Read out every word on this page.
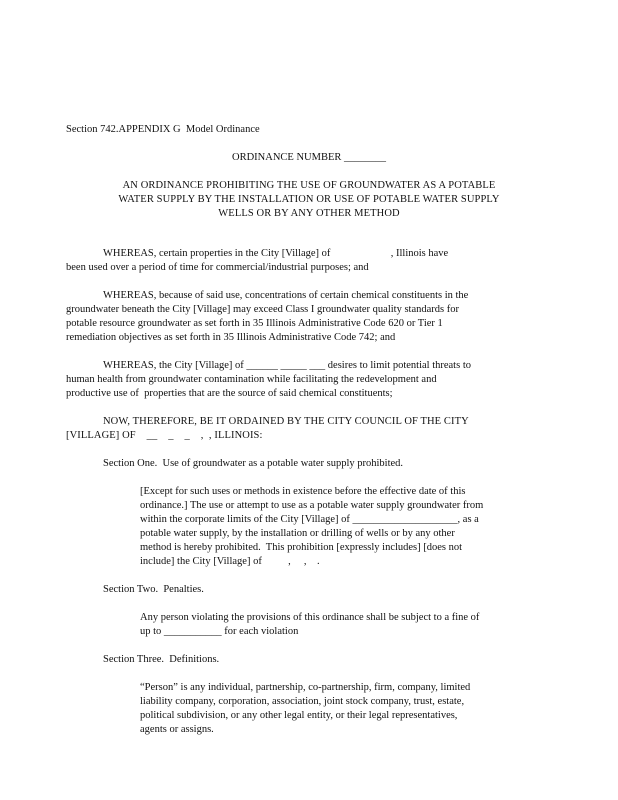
Section 742.APPENDIX G  Model Ordinance
ORDINANCE NUMBER ________
AN ORDINANCE PROHIBITING THE USE OF GROUNDWATER AS A POTABLE
WATER SUPPLY BY THE INSTALLATION OR USE OF POTABLE WATER SUPPLY
WELLS OR BY ANY OTHER METHOD
WHEREAS, certain properties in the City [Village] of                       , Illinois have
been used over a period of time for commercial/industrial purposes; and
WHEREAS, because of said use, concentrations of certain chemical constituents in the
groundwater beneath the City [Village] may exceed Class I groundwater quality standards for
potable resource groundwater as set forth in 35 Illinois Administrative Code 620 or Tier 1
remediation objectives as set forth in 35 Illinois Administrative Code 742; and
WHEREAS, the City [Village] of ______ _____ ___ desires to limit potential threats to
human health from groundwater contamination while facilitating the redevelopment and
productive use of  properties that are the source of said chemical constituents;
NOW, THEREFORE, BE IT ORDAINED BY THE CITY COUNCIL OF THE CITY
[VILLAGE] OF    __    _    _    ,  , ILLINOIS:
Section One.  Use of groundwater as a potable water supply prohibited.
[Except for such uses or methods in existence before the effective date of this
ordinance.] The use or attempt to use as a potable water supply groundwater from
within the corporate limits of the City [Village] of ____________________, as a
potable water supply, by the installation or drilling of wells or by any other
method is hereby prohibited.  This prohibition [expressly includes] [does not
include] the City [Village] of          ,     ,    .
Section Two.  Penalties.
Any person violating the provisions of this ordinance shall be subject to a fine of
up to ___________ for each violation
Section Three.  Definitions.
“Person” is any individual, partnership, co-partnership, firm, company, limited
liability company, corporation, association, joint stock company, trust, estate,
political subdivision, or any other legal entity, or their legal representatives,
agents or assigns.
